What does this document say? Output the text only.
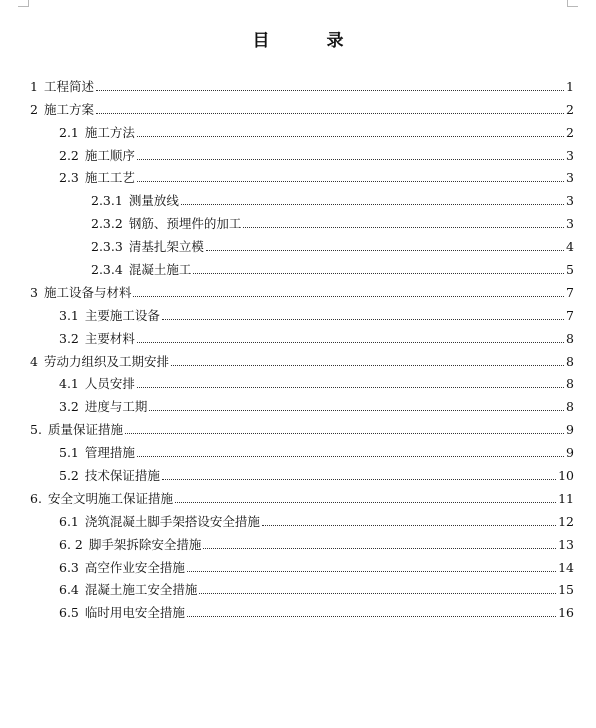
目　录
1 工程简述	1
2 施工方案	2
2.1 施工方法	2
2.2 施工顺序	3
2.3 施工工艺	3
2.3.1 测量放线	3
2.3.2 钢筋、预埋件的加工	3
2.3.3 清基扎架立模	4
2.3.4 混凝土施工	5
3 施工设备与材料	7
3.1 主要施工设备	7
3.2 主要材料	8
4 劳动力组织及工期安排	8
4.1 人员安排	8
3.2 进度与工期	8
5. 质量保证措施	9
5.1 管理措施	9
5.2 技术保证措施	10
6. 安全文明施工保证措施	11
6.1 浇筑混凝土脚手架搭设安全措施	12
6. 2 脚手架拆除安全措施	13
6.3 高空作业安全措施	14
6.4 混凝土施工安全措施	15
6.5 临时用电安全措施	16
